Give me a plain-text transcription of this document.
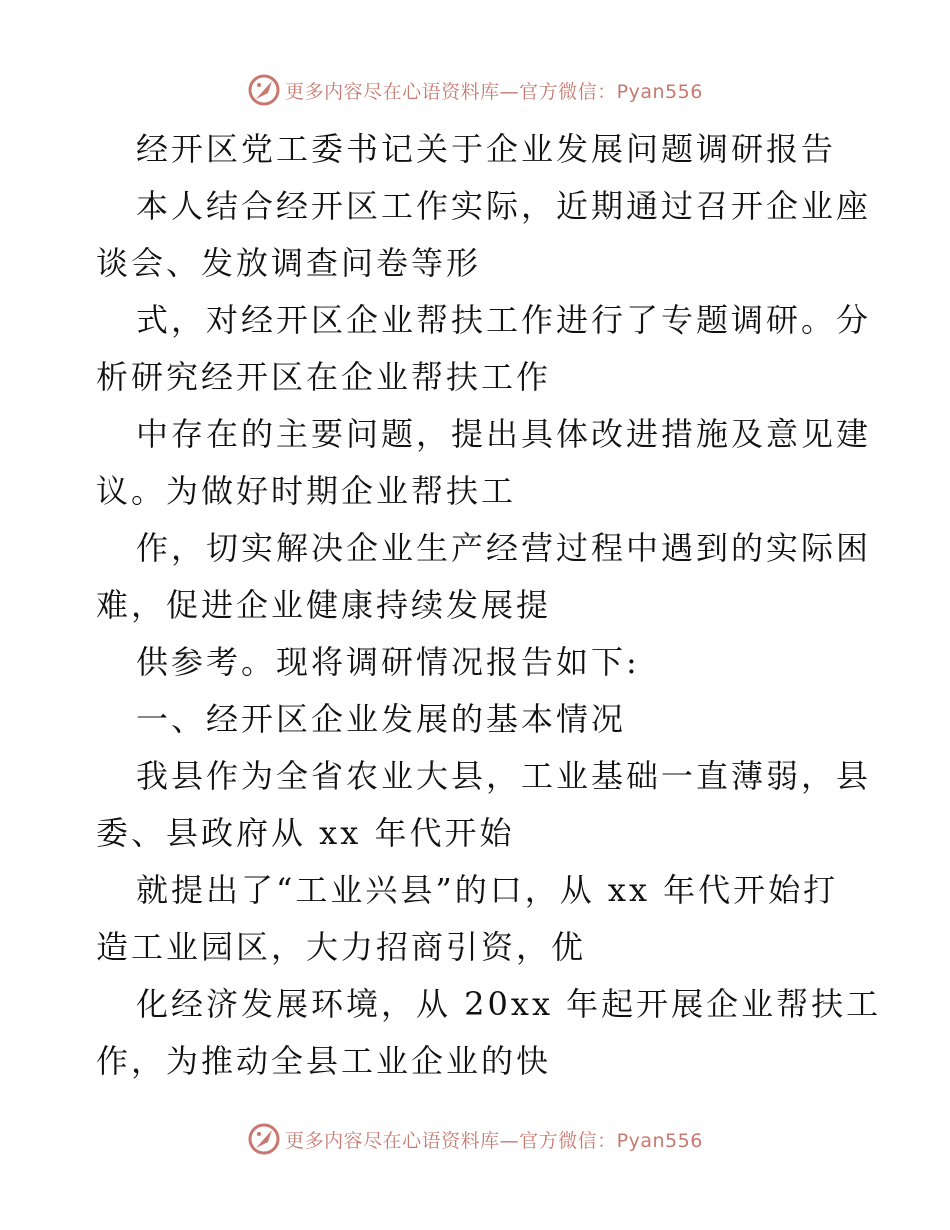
更多内容尽在心语资料库—官方微信：Pyan556

经开区党工委书记关于企业发展问题调研报告

本人结合经开区工作实际，近期通过召开企业座

谈会、发放调查问卷等形

式，对经开区企业帮扶工作进行了专题调研。分

析研究经开区在企业帮扶工作

中存在的主要问题，提出具体改进措施及意见建

议。为做好时期企业帮扶工

作，切实解决企业生产经营过程中遇到的实际困

难，促进企业健康持续发展提

供参考。现将调研情况报告如下:

一、经开区企业发展的基本情况

我县作为全省农业大县，工业基础一直薄弱，县

委、县政府从 xx 年代开始

就提出了“工业兴县”的口，从 xx 年代开始打

造工业园区，大力招商引资，优

化经济发展环境，从 20xx 年起开展企业帮扶工

作，为推动全县工业企业的快

更多内容尽在心语资料库—官方微信：Pyan556
